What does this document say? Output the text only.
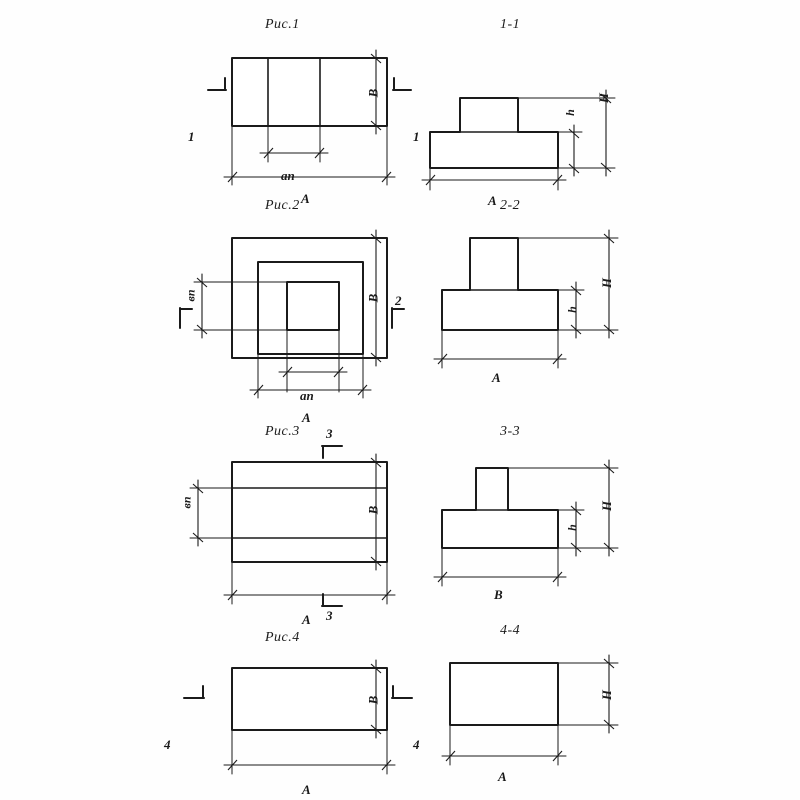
Рис.1
ап
A
B
1	1
1-1
A
h
H
Рис.2
ап
A
вп	B 2
2-2
A
h
H
Рис.3
вп
A
B
3
3
3-3
B
h
H
Рис.4
A
B
4	4
4-4
A
H
